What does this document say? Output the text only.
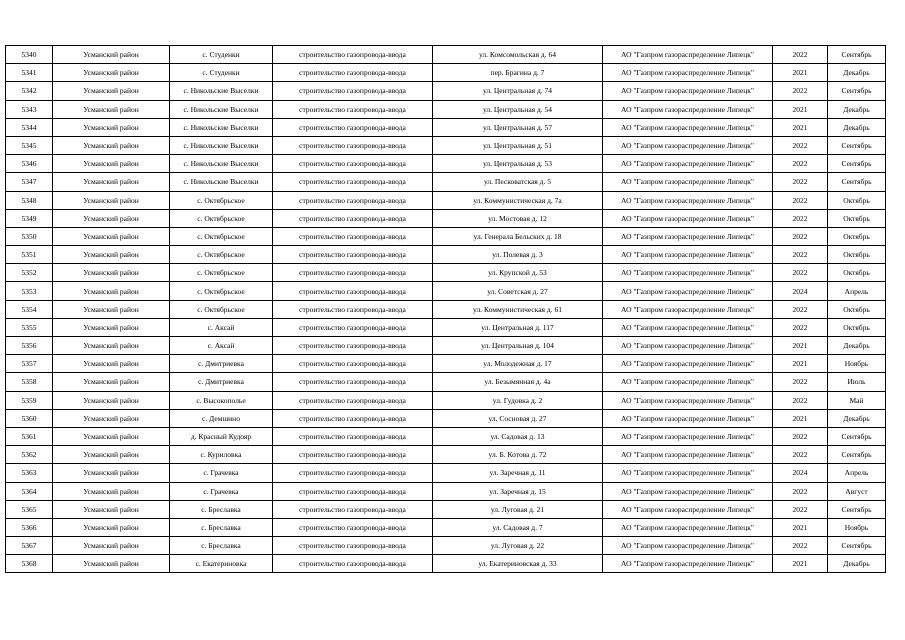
5340	Усманский район	с. Студенки	строительство газопровода-ввода	ул. Комсомольская д. 64	АО "Газпром газораспределение Липецк"	2022	Сентябрь
5341	Усманский район	с. Студенки	строительство газопровода-ввода	пер. Брагина д. 7	АО "Газпром газораспределение Липецк"	2021	Декабрь
5342	Усманский район	с. Никольские Выселки	строительство газопровода-ввода	ул. Центральная д. 74	АО "Газпром газораспределение Липецк"	2022	Сентябрь
5343	Усманский район	с. Никольские Выселки	строительство газопровода-ввода	ул. Центральная д. 54	АО "Газпром газораспределение Липецк"	2021	Декабрь
5344	Усманский район	с. Никольские Выселки	строительство газопровода-ввода	ул. Центральная д. 57	АО "Газпром газораспределение Липецк"	2021	Декабрь
5345	Усманский район	с. Никольские Выселки	строительство газопровода-ввода	ул. Центральная д. 51	АО "Газпром газораспределение Липецк"	2022	Сентябрь
5346	Усманский район	с. Никольские Выселки	строительство газопровода-ввода	ул. Центральная д. 53	АО "Газпром газораспределение Липецк"	2022	Сентябрь
5347	Усманский район	с. Никольские Выселки	строительство газопровода-ввода	ул. Песковатская д. 5	АО "Газпром газораспределение Липецк"	2022	Сентябрь
5348	Усманский район	с. Октябрьское	строительство газопровода-ввода	ул. Коммунистическая д. 7а	АО "Газпром газораспределение Липецк"	2022	Октябрь
5349	Усманский район	с. Октябрьское	строительство газопровода-ввода	ул. Мостовая д. 12	АО "Газпром газораспределение Липецк"	2022	Октябрь
5350	Усманский район	с. Октябрьское	строительство газопровода-ввода	ул. Генерала Бельских д. 18	АО "Газпром газораспределение Липецк"	2022	Октябрь
5351	Усманский район	с. Октябрьское	строительство газопровода-ввода	ул. Полевая д. 3	АО "Газпром газораспределение Липецк"	2022	Октябрь
5352	Усманский район	с. Октябрьское	строительство газопровода-ввода	ул. Крупской д. 53	АО "Газпром газораспределение Липецк"	2022	Октябрь
5353	Усманский район	с. Октябрьское	строительство газопровода-ввода	ул. Советская д. 27	АО "Газпром газораспределение Липецк"	2024	Апрель
5354	Усманский район	с. Октябрьское	строительство газопровода-ввода	ул. Коммунистическая д. 61	АО "Газпром газораспределение Липецк"	2022	Октябрь
5355	Усманский район	с. Аксай	строительство газопровода-ввода	ул. Центральная д. 117	АО "Газпром газораспределение Липецк"	2022	Октябрь
5356	Усманский район	с. Аксай	строительство газопровода-ввода	ул. Центральная д. 104	АО "Газпром газораспределение Липецк"	2021	Декабрь
5357	Усманский район	с. Дмитриевка	строительство газопровода-ввода	ул. Молодежная д. 17	АО "Газпром газораспределение Липецк"	2021	Ноябрь
5358	Усманский район	с. Дмитриевка	строительство газопровода-ввода	ул. Безымянная д. 4а	АО "Газпром газораспределение Липецк"	2022	Июль
5359	Усманский район	с. Высокополье	строительство газопровода-ввода	ул. Гудовка д. 2	АО "Газпром газораспределение Липецк"	2022	Май
5360	Усманский район	с. Демшино	строительство газопровода-ввода	ул. Сосновая д. 27	АО "Газпром газораспределение Липецк"	2021	Декабрь
5361	Усманский район	д. Красный Кудояр	строительство газопровода-ввода	ул. Садовая д. 13	АО "Газпром газораспределение Липецк"	2022	Сентябрь
5362	Усманский район	с. Куриловка	строительство газопровода-ввода	ул. Б. Котова д. 72	АО "Газпром газораспределение Липецк"	2022	Сентябрь
5363	Усманский район	с. Грачевка	строительство газопровода-ввода	ул. Заречная д. 11	АО "Газпром газораспределение Липецк"	2024	Апрель
5364	Усманский район	с. Грачевка	строительство газопровода-ввода	ул. Заречная д. 15	АО "Газпром газораспределение Липецк"	2022	Август
5365	Усманский район	с. Бреславка	строительство газопровода-ввода	ул. Луговая д. 21	АО "Газпром газораспределение Липецк"	2022	Сентябрь
5366	Усманский район	с. Бреславка	строительство газопровода-ввода	ул. Садовая д. 7	АО "Газпром газораспределение Липецк"	2021	Ноябрь
5367	Усманский район	с. Бреславка	строительство газопровода-ввода	ул. Луговая д. 22	АО "Газпром газораспределение Липецк"	2022	Сентябрь
5368	Усманский район	с. Екатериновка	строительство газопровода-ввода	ул. Екатериновская д. 33	АО "Газпром газораспределение Липецк"	2021	Декабрь
